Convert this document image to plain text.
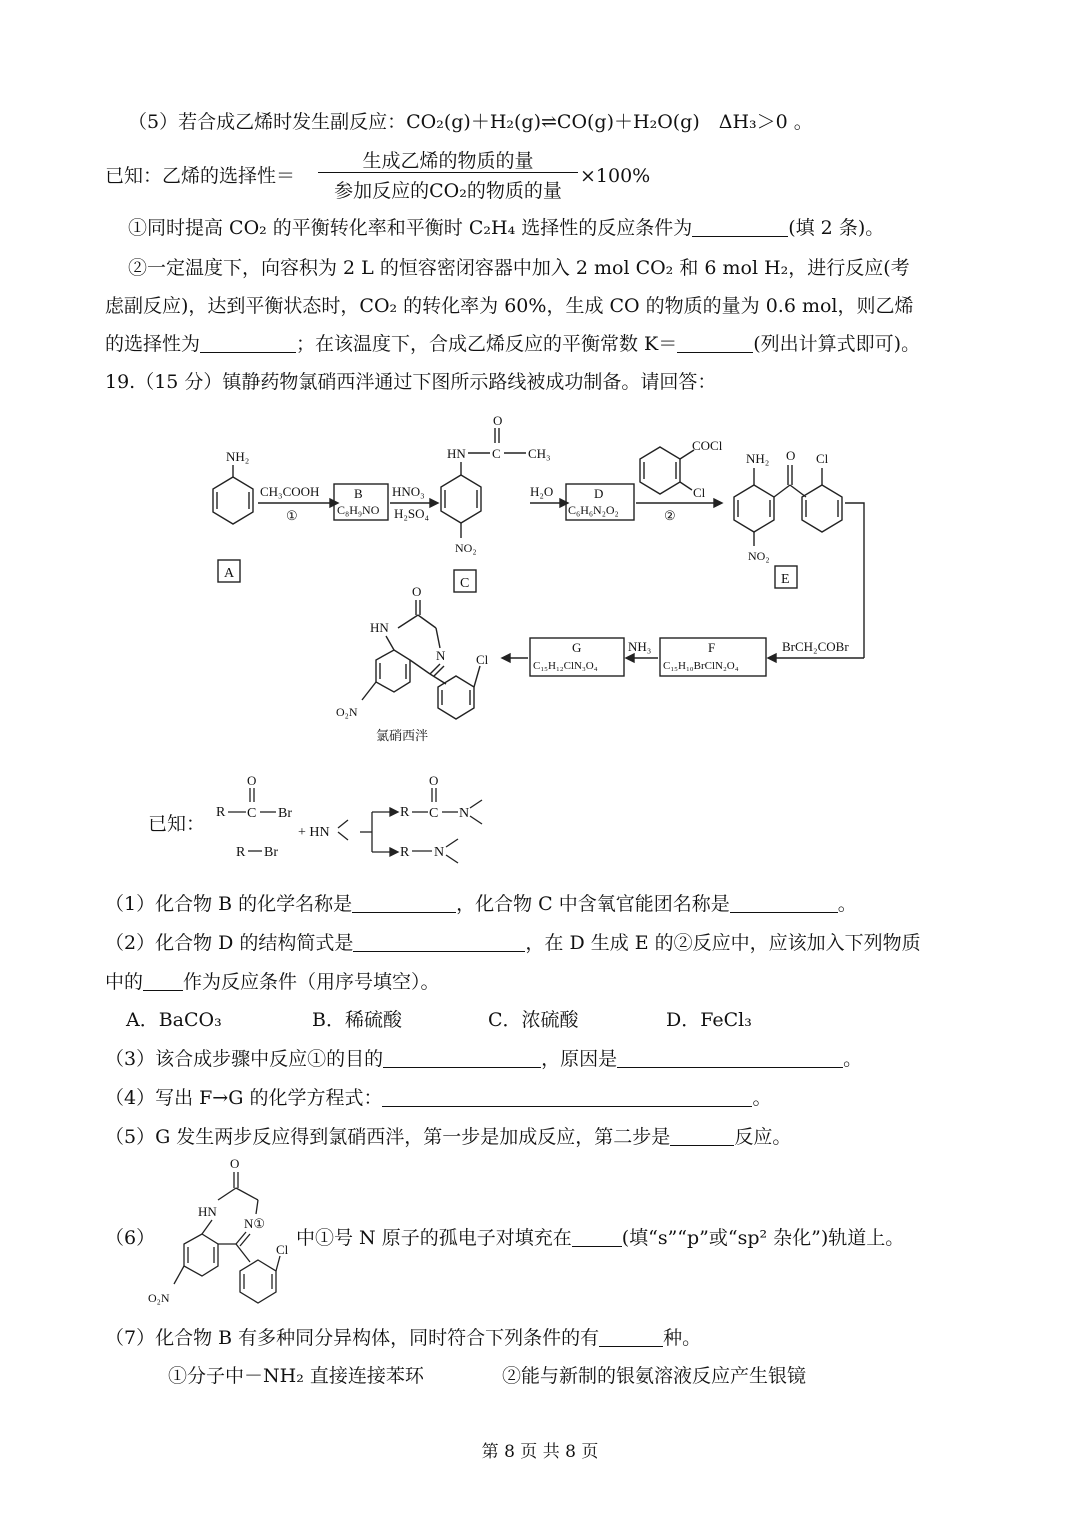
（5）若合成乙烯时发生副反应：CO₂(g)＋H₂(g)⇌CO(g)＋H₂O(g)　ΔH₃＞0 。
已知：乙烯的选择性＝
生成乙烯的物质的量
参加反应的CO₂的物质的量
×100%
①同时提高 CO₂ 的平衡转化率和平衡时 C₂H₄ 选择性的反应条件为	(填 2 条)。
②一定温度下，向容积为 2 L 的恒容密闭容器中加入 2 mol CO₂ 和 6 mol H₂，进行反应(考
虑副反应)，达到平衡状态时，CO₂ 的转化率为 60%，生成 CO 的物质的量为 0.6 mol，则乙烯
的选择性为	；在该温度下，合成乙烯反应的平衡常数 K＝	(列出计算式即可)。
19.（15 分）镇静药物氯硝西泮通过下图所示路线被成功制备。请回答：
NH₂
A
CH₃COOH
①
B
C₈H₉NO
HNO₃
H₂SO₄
HN C
O
CH₃
NO₂
C
H₂O	D
C₆H₆N₂O₂	②
COCl
Cl
NH₂ O Cl
NO₂
E
BrCH₂COBr
F
C₁₅H₁₀BrClN₂O₄
NH₃
G
C₁₅H₁₂ClN₃O₄
O
HN
N
O₂N
Cl
氯硝西泮
已知：
R C
O
Br
R Br
+ HN
R C
O
N
R N
（1）化合物 B 的化学名称是	，化合物 C 中含氧官能团名称是	。
（2）化合物 D 的结构简式是	，在 D 生成 E 的②反应中，应该加入下列物质
中的 作为反应条件（用序号填空）。
A．BaCO₃	B．稀硫酸	C．浓硫酸	D．FeCl₃
（3）该合成步骤中反应①的目的	，原因是	。
（4）写出 F→G 的化学方程式：	。
（5）G 发生两步反应得到氯硝西泮，第一步是加成反应，第二步是	反应。
（6）
O
HN
N①
O₂N
Cl
中①号 N 原子的孤电子对填充在	(填“s”“p”或“sp² 杂化”)轨道上。
（7）化合物 B 有多种同分异构体，同时符合下列条件的有	种。
①分子中－NH₂ 直接连接苯环	②能与新制的银氨溶液反应产生银镜
第 8 页 共 8 页
